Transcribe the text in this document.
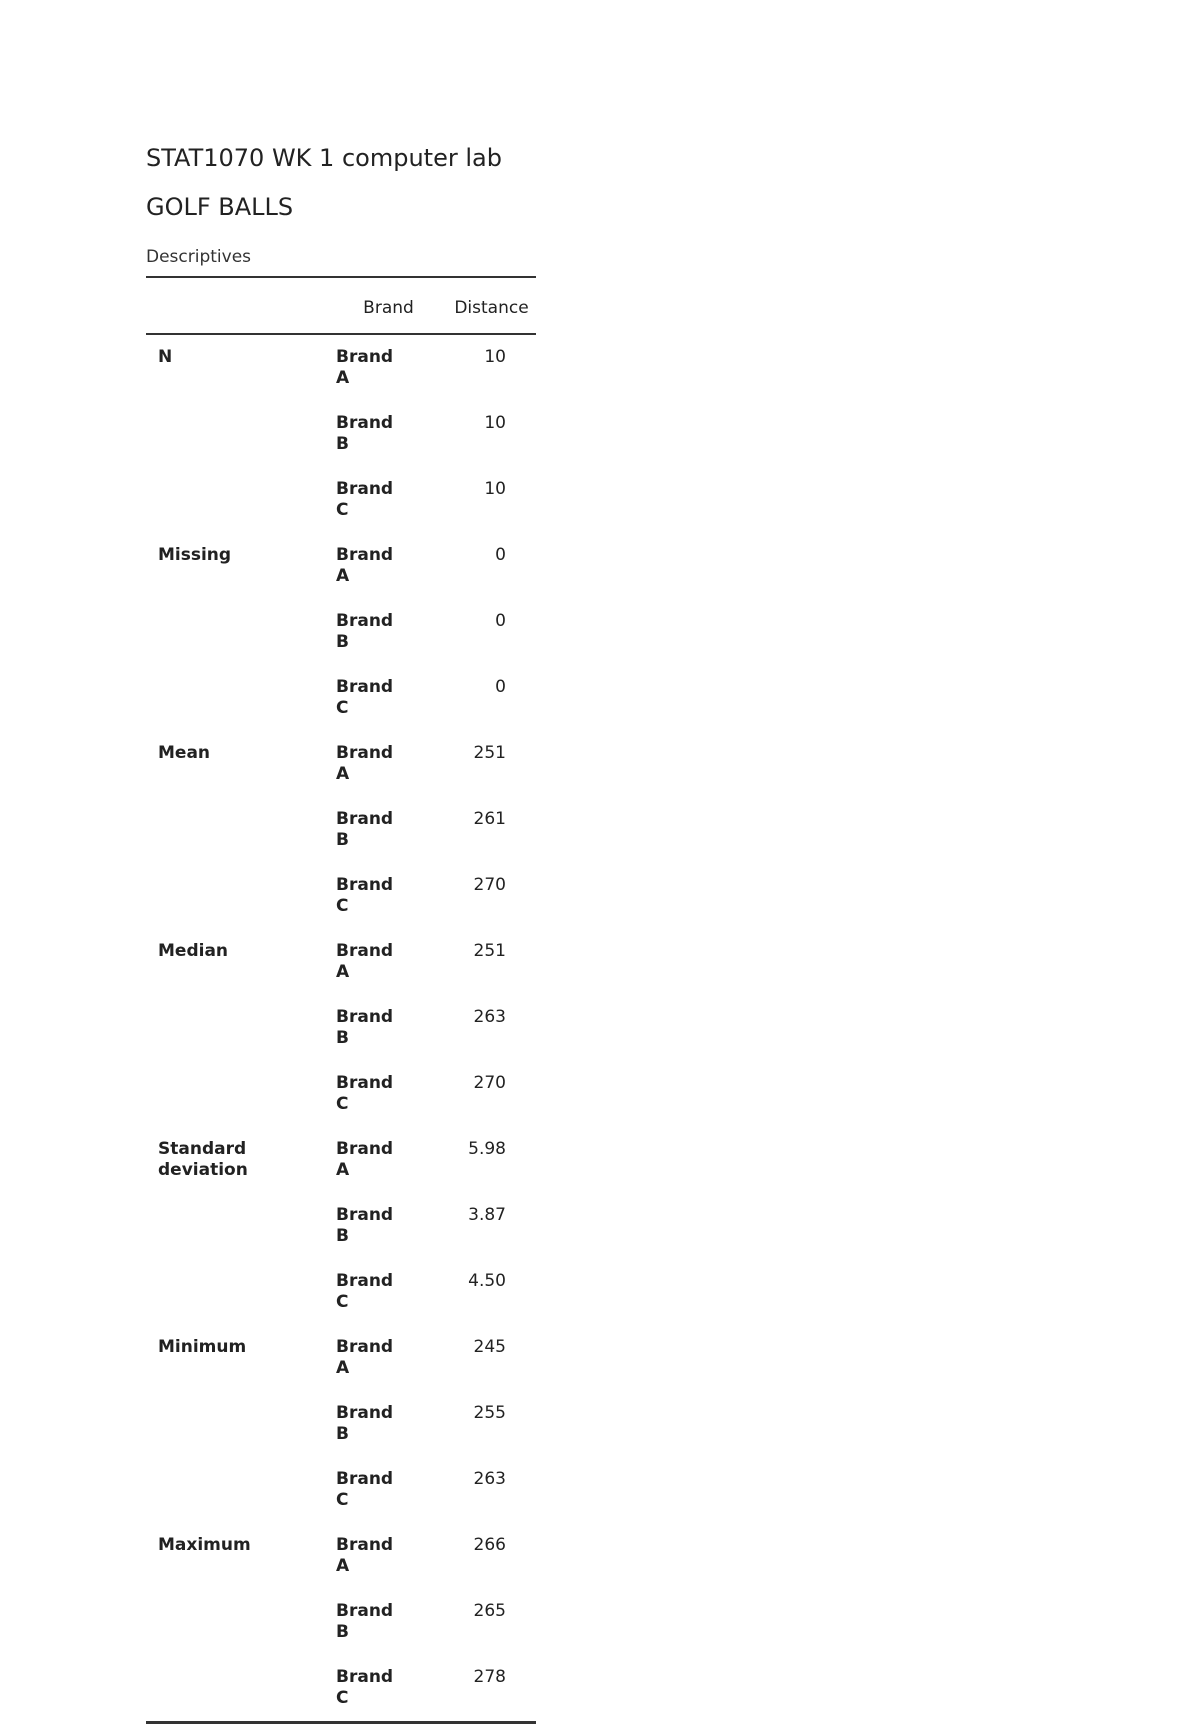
STAT1070 WK 1 computer lab
GOLF BALLS
Descriptives
	Brand	Distance
N	Brand A	10

	Brand B	10

	Brand C	10
Missing	Brand A	0

	Brand B	0

	Brand C	0
Mean	Brand A	251

	Brand B	261

	Brand C	270
Median	Brand A	251

	Brand B	263

	Brand C	270
Standard deviation	Brand A	5.98

	Brand B	3.87

	Brand C	4.50
Minimum	Brand A	245

	Brand B	255

	Brand C	263
Maximum	Brand A	266

	Brand B	265

	Brand C	278
